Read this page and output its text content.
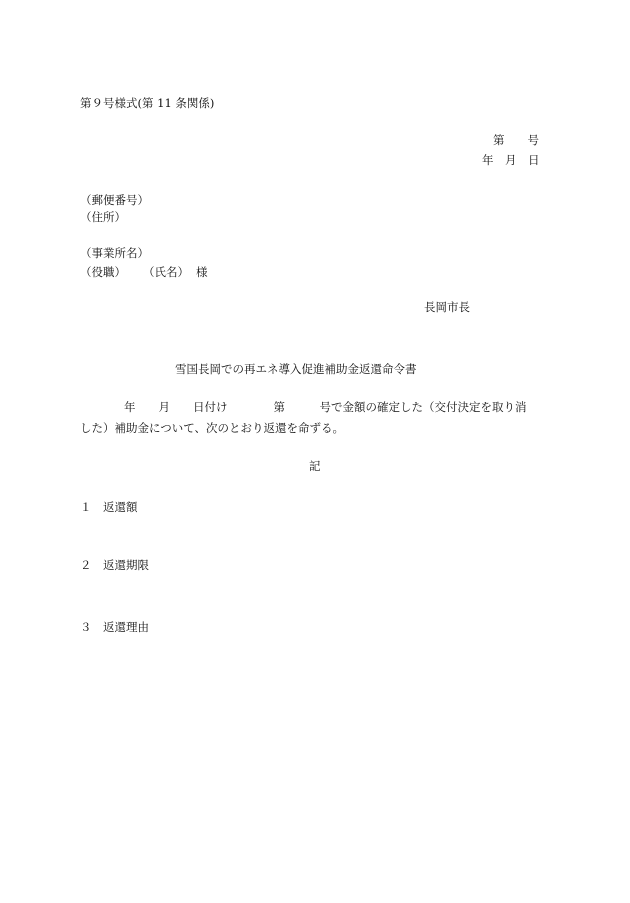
第９号様式(第 11 条関係)
第　　号
年　月　日
（郵便番号）
（住所）
（事業所名）
（役職） （氏名） 様
長岡市長
雪国長岡での再エネ導入促進補助金返還命令書
年　　月　　日付け　　　　第　　　号で金額の確定した（交付決定を取り消
した）補助金について、次のとおり返還を命ずる。
記
１ 返還額
２ 返還期限
３ 返還理由
